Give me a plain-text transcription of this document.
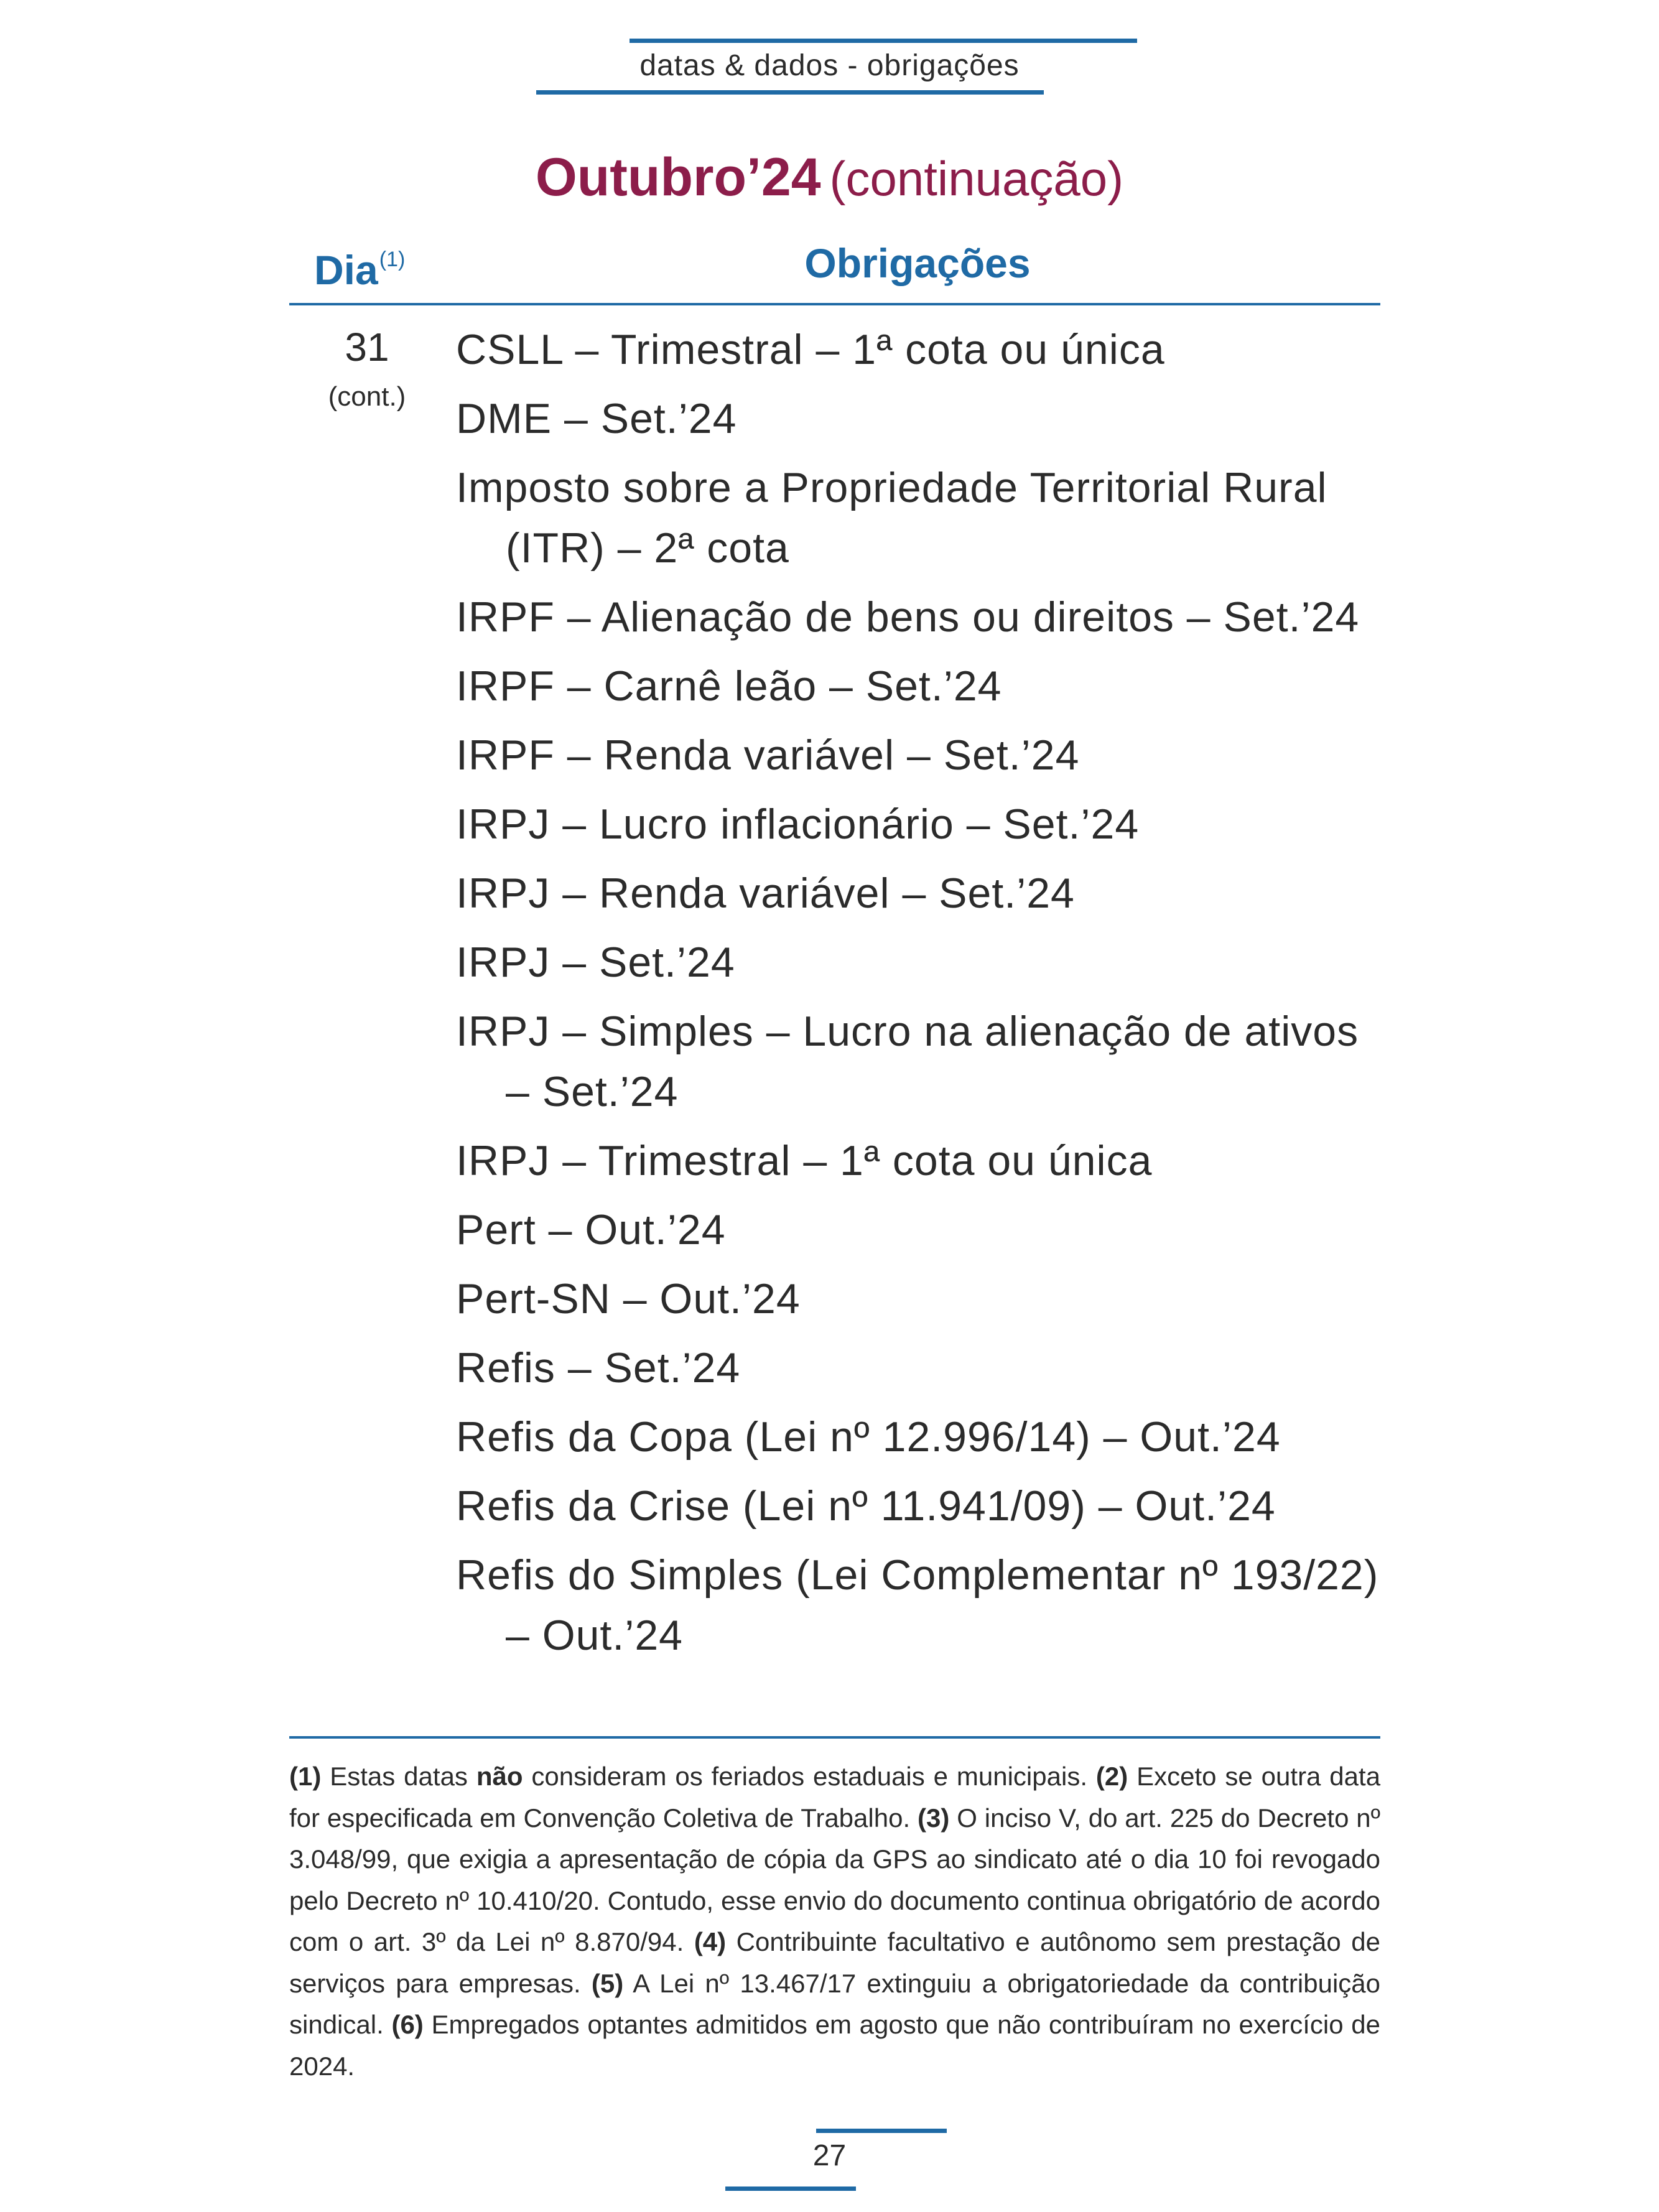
datas & dados - obrigações
Outubro’24 (continuação)
Dia$^{(1)}$	Obrigações
31
(cont.)
CSLL – Trimestral – 1ª cota ou única
DME – Set.’24
Imposto sobre a Propriedade Territorial Rural (ITR) – 2ª cota
IRPF – Alienação de bens ou direitos – Set.’24
IRPF – Carnê leão – Set.’24
IRPF – Renda variável – Set.’24
IRPJ – Lucro inflacionário – Set.’24
IRPJ – Renda variável – Set.’24
IRPJ – Set.’24
IRPJ – Simples – Lucro na alienação de ativos – Set.’24
IRPJ – Trimestral – 1ª cota ou única
Pert – Out.’24
Pert-SN – Out.’24
Refis – Set.’24
Refis da Copa (Lei nº 12.996/14) – Out.’24
Refis da Crise (Lei nº 11.941/09) – Out.’24
Refis do Simples (Lei Complementar nº 193/22) – Out.’24
(1) Estas datas não consideram os feriados estaduais e municipais. (2) Exceto se outra data for especificada em Convenção Coletiva de Trabalho. (3) O inciso V, do art. 225 do Decreto nº 3.048/99, que exigia a apresentação de cópia da GPS ao sindicato até o dia 10 foi revogado pelo Decreto nº 10.410/20. Contudo, esse envio do documento continua obrigatório de acordo com o art. 3º da Lei nº 8.870/94. (4) Contribuinte facultativo e autônomo sem prestação de serviços para empresas. (5) A Lei nº 13.467/17 extinguiu a obrigatoriedade da contribuição sindical. (6) Empregados optantes admitidos em agosto que não contribuíram no exercício de 2024.
27
